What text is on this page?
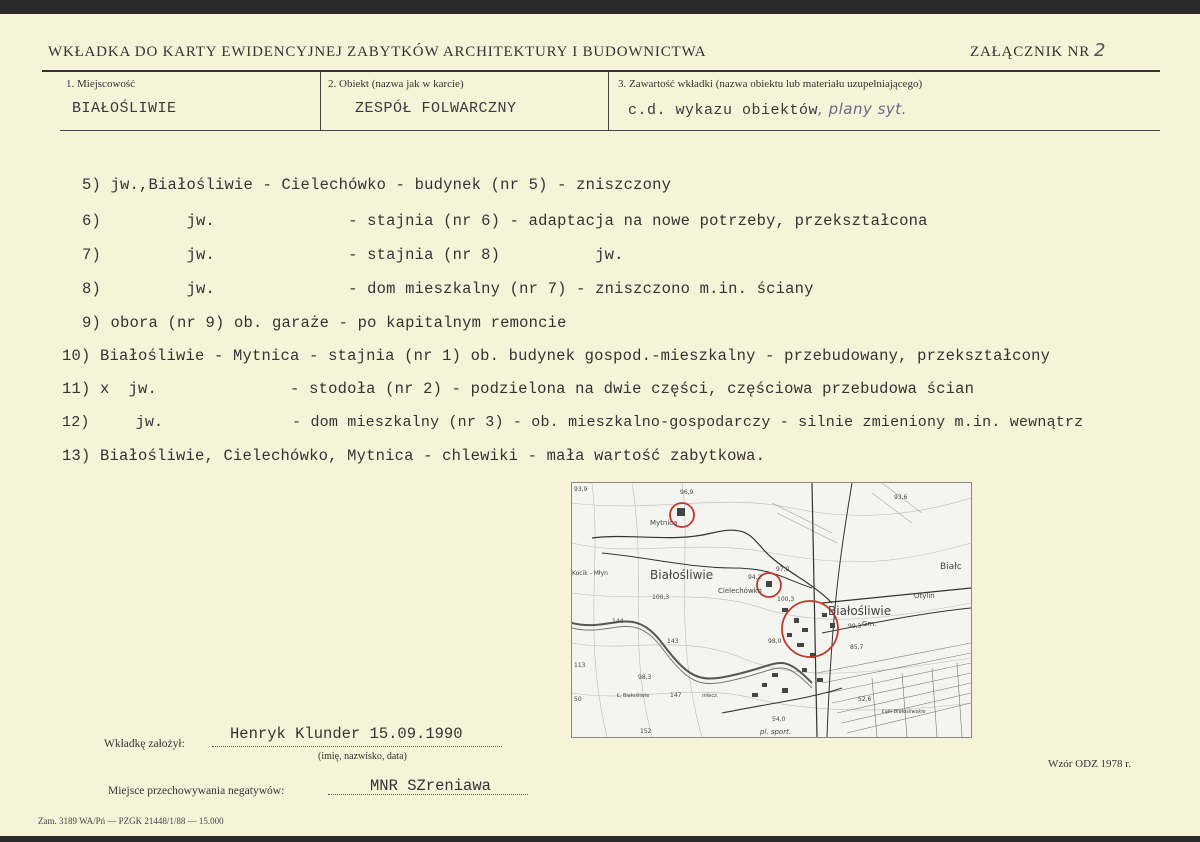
WKŁADKA DO KARTY EWIDENCYJNEJ ZABYTKÓW ARCHITEKTURY I BUDOWNICTWA	ZAŁĄCZNIK NR 2
1. Miejscowość
BIAŁOŚLIWIE
2. Obiekt (nazwa jak w karcie)
ZESPÓŁ FOLWARCZNY
3. Zawartość wkładki (nazwa obiektu lub materiału uzupełniającego)
c.d. wykazu obiektów, plany syt.
5) jw.,Białośliwie - Cielechówko - budynek (nr 5) - zniszczony
6)         jw.              - stajnia (nr 6) - adaptacja na nowe potrzeby, przekształcona
7)         jw.              - stajnia (nr 8)          jw.
8)         jw.              - dom mieszkalny (nr 7) - zniszczono m.in. ściany
9) obora (nr 9) ob. garaże - po kapitalnym remoncie
10) Białośliwie - Mytnica - stajnia (nr 1) ob. budynek gospod.-mieszkalny - przebudowany, przekształcony
11) x  jw.              - stodoła (nr 2) - podzielona na dwie części, częściowa przebudowa ścian
12)     jw.              - dom mieszkalny (nr 3) - ob. mieszkalno-gospodarczy - silnie zmieniony m.in. wewnątrz
13) Białośliwie, Cielechówko, Mytnica - chlewiki - mała wartość zabytkowa.
Mytnica
Białośliwie
Cielechówko
Białośliwie
Kocik - Młyn
Otylin
Białc
Gm.
pl. sport.
Łąki Białośliwskie
Ł. Białośliwie	mlecz.
93,9	96,9
93,6
94,2
97,0
100,3	100,3
98,0
99,3
85,7
52,6
54,0
113
98,3
144
147
152
143
50
Wkładkę założył:
Henryk Klunder 15.09.1990
(imię, nazwisko, data)
Miejsce przechowywania negatywów:	MNR SZreniawa
Wzór ODZ 1978 r.
Zam. 3189 WA/Pń — PZGK 21448/1/88 — 15.000
